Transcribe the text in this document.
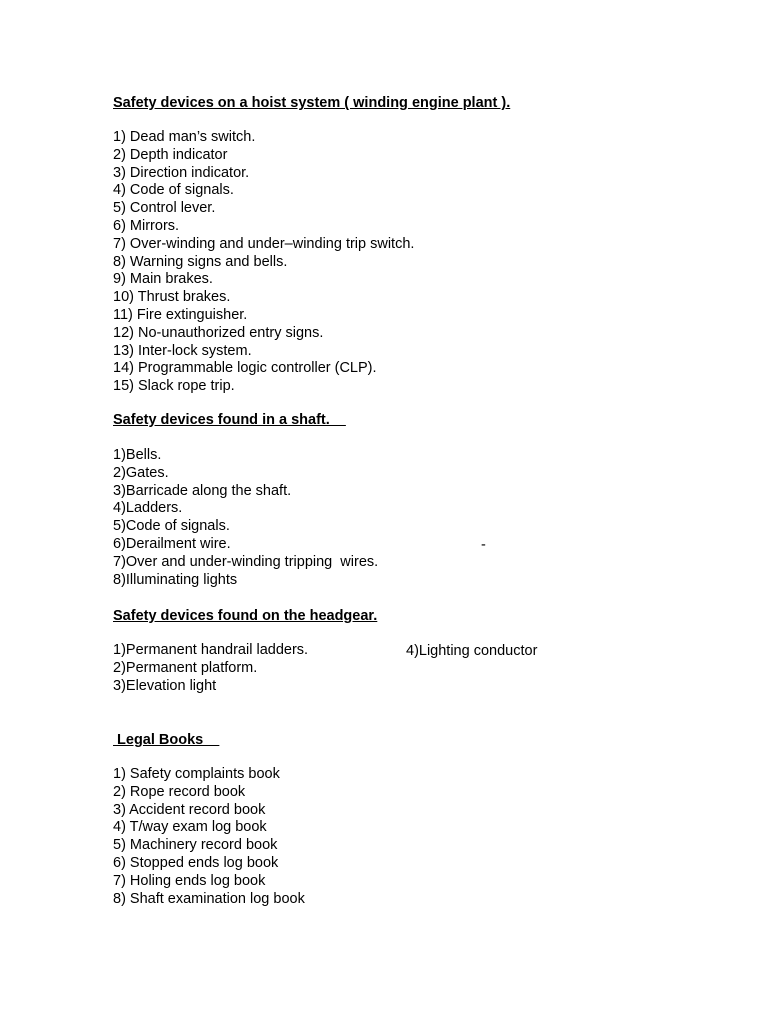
Safety devices on a hoist system ( winding engine plant ).
1) Dead man’s switch.
2) Depth indicator
3) Direction indicator.
4) Code of signals.
5) Control lever.
6) Mirrors.
7) Over-winding and under–winding trip switch.
8) Warning signs and bells.
9) Main brakes.
10) Thrust brakes.
11) Fire extinguisher.
12) No-unauthorized entry signs.
13) Inter-lock system.
14) Programmable logic controller (CLP).
15) Slack rope trip.
Safety devices found in a shaft.
1)Bells.
2)Gates.
3)Barricade along the shaft.
4)Ladders.
5)Code of signals.
6)Derailment wire.
7)Over and under-winding tripping  wires.
8)Illuminating lights
-
Safety devices found on the headgear.
1)Permanent handrail ladders.
2)Permanent platform.
3)Elevation light
4)Lighting conductor
Legal Books
1) Safety complaints book
2) Rope record book
3) Accident record book
4) T/way exam log book
5) Machinery record book
6) Stopped ends log book
7) Holing ends log book
8) Shaft examination log book
